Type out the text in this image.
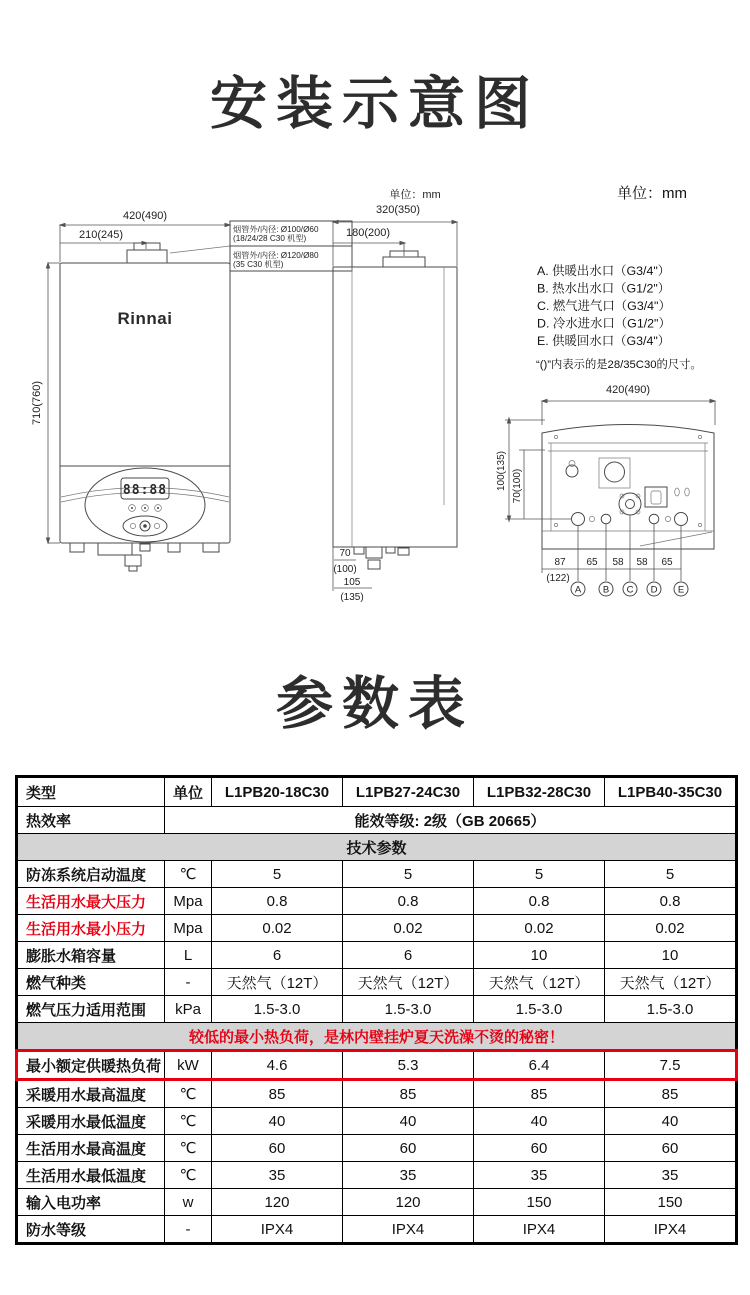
安装示意图
420(490)
210(245)
710(760)
Rinnai
88:88
烟管外/内径: Ø100/Ø60
(18/24/28 C30 机型)
烟管外/内径: Ø120/Ø80
(35 C30 机型)
单位：mm
320(350)
180(200)
70
(100)
105
(135)
单位：mm
A. 供暖出水口（G3/4"）
B. 热水出水口（G1/2"）
C. 燃气进气口（G3/4"）
D. 冷水进水口（G1/2"）
E. 供暖回水口（G3/4"）
“()”内表示的是28/35C30的尺寸。
420(490)
100(135) 70(100)
87 65 58 58 65
(122)
A B C D E
参数表
类型	单位	L1PB20-18C30	L1PB27-24C30	L1PB32-28C30	L1PB40-35C30
热效率	能效等级: 2级（GB 20665）				
技术参数					
防冻系统启动温度	℃	5	5	5	5
生活用水最大压力	Mpa	0.8	0.8	0.8	0.8
生活用水最小压力	Mpa	0.02	0.02	0.02	0.02
膨胀水箱容量	L	6	6	10	10
燃气种类	-	天然气（12T）	天然气（12T）	天然气（12T）	天然气（12T）
燃气压力适用范围	kPa	1.5-3.0	1.5-3.0	1.5-3.0	1.5-3.0
较低的最小热负荷，是林内壁挂炉夏天洗澡不烫的秘密！					
最小额定供暖热负荷	kW	4.6	5.3	6.4	7.5
采暖用水最高温度	℃	85	85	85	85
采暖用水最低温度	℃	40	40	40	40
生活用水最高温度	℃	60	60	60	60
生活用水最低温度	℃	35	35	35	35
输入电功率	w	120	120	150	150
防水等级	-	IPX4	IPX4	IPX4	IPX4
